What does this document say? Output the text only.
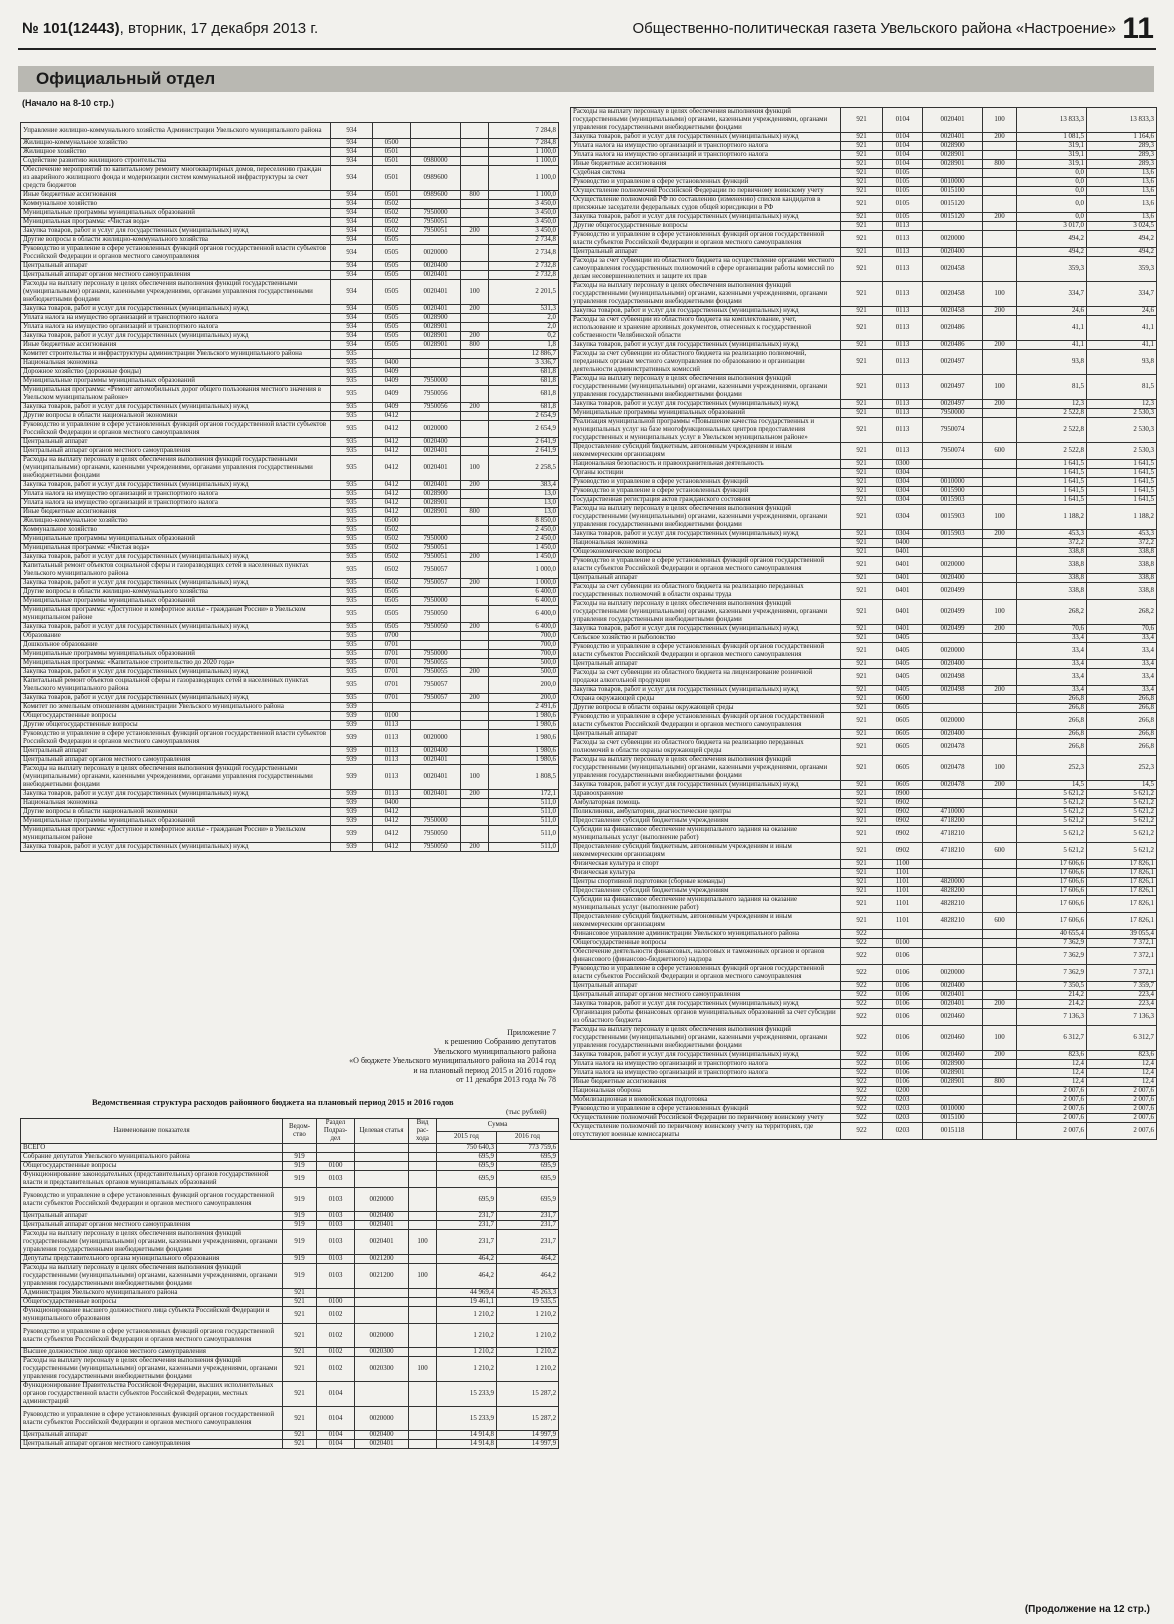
№ 101(12443), вторник, 17 декабря 2013 г.	Общественно-политическая газета Увельского района «Настроение» 11
Официальный отдел
(Начало на 8-10 стр.)
Управление жилищно-коммунального хозяйства Администрации Увельского муниципального района	934				7 284,8
Жилищно-коммунальное хозяйство	934	0500			7 284,8
Жилищное хозяйство	934	0501			1 100,0
Содействие развитию жилищного строительства	934	0501	0980000		1 100,0
Обеспечение мероприятий по капитальному ремонту многоквартирных домов, переселению граждан из аварийного жилищного фонда и модернизации систем коммунальной инфраструктуры за счет средств бюджетов	934	0501	0989600		1 100,0
Иные бюджетные ассигнования	934	0501	0989600	800	1 100,0
Коммунальное хозяйство	934	0502			3 450,0
Муниципальные программы муниципальных образований	934	0502	7950000		3 450,0
Муниципальная программа: «Чистая вода»	934	0502	7950051		3 450,0
Закупка товаров, работ и услуг для государственных (муниципальных) нужд	934	0502	7950051	200	3 450,0
Другие вопросы в области жилищно-коммунального хозяйства	934	0505			2 734,8
Руководство и управление в сфере установленных функций органов государственной власти субъектов Российской Федерации и органов местного самоуправления	934	0505	0020000		2 734,8
Центральный аппарат	934	0505	0020400		2 732,8
Центральный аппарат органов местного самоуправления	934	0505	0020401		2 732,8
Расходы на выплату персоналу в целях обеспечения выполнения функций государственными (муниципальными) органами, казенными учреждениями, органами управления государственными внебюджетными фондами	934	0505	0020401	100	2 201,5
Закупка товаров, работ и услуг для государственных (муниципальных) нужд	934	0505	0020401	200	531,3
Уплата налога на имущество организаций и транспортного налога	934	0505	0028900		2,0
Уплата налога на имущество организаций и транспортного налога	934	0505	0028901		2,0
Закупка товаров, работ и услуг для государственных (муниципальных) нужд	934	0505	0028901	200	0,2
Иные бюджетные ассигнования	934	0505	0028901	800	1,8
Комитет строительства и инфраструктуры администрации Увельского муниципального района	935				12 886,7
Национальная экономика	935	0400			3 336,7
Дорожное хозяйство (дорожные фонды)	935	0409			681,8
Муниципальные программы муниципальных образований	935	0409	7950000		681,8
Муниципальная программа: «Ремонт автомобильных дорог общего пользования местного значения в Увельском муниципальном районе»	935	0409	7950056		681,8
Закупка товаров, работ и услуг для государственных (муниципальных) нужд	935	0409	7950056	200	681,8
Другие вопросы в области национальной экономики	935	0412			2 654,9
Руководство и управление в сфере установленных функций органов государственной власти субъектов Российской Федерации и органов местного самоуправления	935	0412	0020000		2 654,9
Центральный аппарат	935	0412	0020400		2 641,9
Центральный аппарат органов местного самоуправления	935	0412	0020401		2 641,9
Расходы на выплату персоналу в целях обеспечения выполнения функций государственными (муниципальными) органами, казенными учреждениями, органами управления государственными внебюджетными фондами	935	0412	0020401	100	2 258,5
Закупка товаров, работ и услуг для государственных (муниципальных) нужд	935	0412	0020401	200	383,4
Уплата налога на имущество организаций и транспортного налога	935	0412	0028900		13,0
Уплата налога на имущество организаций и транспортного налога	935	0412	0028901		13,0
Иные бюджетные ассигнования	935	0412	0028901	800	13,0
Жилищно-коммунальное хозяйство	935	0500			8 850,0
Коммунальное хозяйство	935	0502			2 450,0
Муниципальные программы муниципальных образований	935	0502	7950000		2 450,0
Муниципальная программа: «Чистая вода»	935	0502	7950051		1 450,0
Закупка товаров, работ и услуг для государственных (муниципальных) нужд	935	0502	7950051	200	1 450,0
Капитальный ремонт объектов социальной сферы и газоразводящих сетей в населенных пунктах Увельского муниципального района	935	0502	7950057		1 000,0
Закупка товаров, работ и услуг для государственных (муниципальных) нужд	935	0502	7950057	200	1 000,0
Другие вопросы в области жилищно-коммунального хозяйства	935	0505			6 400,0
Муниципальные программы муниципальных образований	935	0505	7950000		6 400,0
Муниципальная программа: «Доступное и комфортное жилье - гражданам России» в Увельском муниципальном районе	935	0505	7950050		6 400,0
Закупка товаров, работ и услуг для государственных (муниципальных) нужд	935	0505	7950050	200	6 400,0
Образование	935	0700			700,0
Дошкольное образование	935	0701			700,0
Муниципальные программы муниципальных образований	935	0701	7950000		700,0
Муниципальная программа: «Капитальное строительство до 2020 года»	935	0701	7950055		500,0
Закупка товаров, работ и услуг для государственных (муниципальных) нужд	935	0701	7950055	200	500,0
Капитальный ремонт объектов социальной сферы и газоразводящих сетей в населенных пунктах Увельского муниципального района	935	0701	7950057		200,0
Закупка товаров, работ и услуг для государственных (муниципальных) нужд	935	0701	7950057	200	200,0
Комитет по земельным отношениям администрации Увельского муниципального района	939				2 491,6
Общегосударственные вопросы	939	0100			1 980,6
Другие общегосударственные вопросы	939	0113			1 980,6
Руководство и управление в сфере установленных функций органов государственной власти субъектов Российской Федерации и органов местного самоуправления	939	0113	0020000		1 980,6
Центральный аппарат	939	0113	0020400		1 980,6
Центральный аппарат органов местного самоуправления	939	0113	0020401		1 980,6
Расходы на выплату персоналу в целях обеспечения выполнения функций государственными (муниципальными) органами, казенными учреждениями, органами управления государственными внебюджетными фондами	939	0113	0020401	100	1 808,5
Закупка товаров, работ и услуг для государственных (муниципальных) нужд	939	0113	0020401	200	172,1
Национальная экономика	939	0400			511,0
Другие вопросы в области национальной экономики	939	0412			511,0
Муниципальные программы муниципальных образований	939	0412	7950000		511,0
Муниципальная программа: «Доступное и комфортное жилье - гражданам России» в Увельском муниципальном районе	939	0412	7950050		511,0
Закупка товаров, работ и услуг для государственных (муниципальных) нужд	939	0412	7950050	200	511,0
Приложение 7
к решению Собранию депутатов
Увельского муниципального района
«О бюджете Увельского муниципального района на 2014 год
и на плановый период 2015 и 2016 годов»
от 11 декабря 2013 года № 78
Ведомственная структура расходов районного бюджета на плановый период 2015 и 2016 годов
(тыс рублей)
Наименование показателя	Ведом-ство	Раздел Подраз-дел	Целевая статья	Вид рас-хода	Сумма	
					2015 год	2016 год
ВСЕГО					750 640,3	773 759,6
Собрание депутатов Увельского муниципального района	919				695,9	695,9
Общегосударственные вопросы	919	0100			695,9	695,9
Функционирование законодательных (представительных) органов государственной власти и представительных органов муниципальных образований	919	0103			695,9	695,9
Руководство и управление в сфере установленных функций органов государственной власти субъектов Российской Федерации и органов местного самоуправления	919	0103	0020000		695,9	695,9
Центральный аппарат	919	0103	0020400		231,7	231,7
Центральный аппарат органов местного самоуправления	919	0103	0020401		231,7	231,7
Расходы на выплату персоналу в целях обеспечения выполнения функций государственными (муниципальными) органами, казенными учреждениями, органами управления государственными внебюджетными фондами	919	0103	0020401	100	231,7	231,7
Депутаты представительного органа муниципального образования	919	0103	0021200		464,2	464,2
Расходы на выплату персоналу в целях обеспечения выполнения функций государственными (муниципальными) органами, казенными учреждениями, органами управления государственными внебюджетными фондами	919	0103	0021200	100	464,2	464,2
Администрация Увельского муниципального района	921				44 969,4	45 263,3
Общегосударственные вопросы	921	0100			19 461,1	19 535,5
Функционирование высшего должностного лица субъекта Российской Федерации и муниципального образования	921	0102			1 210,2	1 210,2
Руководство и управление в сфере установленных функций органов государственной власти субъектов Российской Федерации и органов местного самоуправления	921	0102	0020000		1 210,2	1 210,2
Высшее должностное лицо органов местного самоуправления	921	0102	0020300		1 210,2	1 210,2
Расходы на выплату персоналу в целях обеспечения выполнения функций государственными (муниципальными) органами, казенными учреждениями, органами управления государственными внебюджетными фондами	921	0102	0020300	100	1 210,2	1 210,2
Функционирование Правительства Российской Федерации, высших исполнительных органов государственной власти субъектов Российской Федерации, местных администраций	921	0104			15 233,9	15 287,2
Руководство и управление в сфере установленных функций органов государственной власти субъектов Российской Федерации и органов местного самоуправления	921	0104	0020000		15 233,9	15 287,2
Центральный аппарат	921	0104	0020400		14 914,8	14 997,9
Центральный аппарат органов местного самоуправления	921	0104	0020401		14 914,8	14 997,9
Расходы на выплату персоналу в целях обеспечения выполнения функций государственными (муниципальными) органами, казенными учреждениями, органами управления государственными внебюджетными фондами	921	0104	0020401	100	13 833,3	13 833,3
Закупка товаров, работ и услуг для государственных (муниципальных) нужд	921	0104	0020401	200	1 081,5	1 164,6
Уплата налога на имущество организаций и транспортного налога	921	0104	0028900		319,1	289,3
Уплата налога на имущество организаций и транспортного налога	921	0104	0028901		319,1	289,3
Иные бюджетные ассигнования	921	0104	0028901	800	319,1	289,3
Судебная система	921	0105			0,0	13,6
Руководство и управление в сфере установленных функций	921	0105	0010000		0,0	13,6
Осуществление полномочий Российской Федерации по первичному воинскому учету	921	0105	0015100		0,0	13,6
Осуществление полномочий РФ по составлению (изменению) списков кандидатов в присяжные заседатели федеральных судов общей юрисдикции в РФ	921	0105	0015120		0,0	13,6
Закупка товаров, работ и услуг для государственных (муниципальных) нужд	921	0105	0015120	200	0,0	13,6
Другие общегосударственные вопросы	921	0113			3 017,0	3 024,5
Руководство и управление в сфере установленных функций органов государственной власти субъектов Российской Федерации и органов местного самоуправления	921	0113	0020000		494,2	494,2
Центральный аппарат	921	0113	0020400		494,2	494,2
Расходы за счет субвенции из областного бюджета на осуществление органами местного самоуправления государственных полномочий в сфере организации работы комиссий по делам несовершеннолетних и защите их прав	921	0113	0020458		359,3	359,3
Расходы на выплату персоналу в целях обеспечения выполнения функций государственными (муниципальными) органами, казенными учреждениями, органами управления государственными внебюджетными фондами	921	0113	0020458	100	334,7	334,7
Закупка товаров, работ и услуг для государственных (муниципальных) нужд	921	0113	0020458	200	24,6	24,6
Расходы за счет субвенции из областного бюджета на комплектование, учет, использование и хранение архивных документов, отнесенных к государственной собственности Челябинской области	921	0113	0020486		41,1	41,1
Закупка товаров, работ и услуг для государственных (муниципальных) нужд	921	0113	0020486	200	41,1	41,1
Расходы за счет субвенции из областного бюджета на реализацию полномочий, переданных органам местного самоуправления по образованию и организации деятельности административных комиссий	921	0113	0020497		93,8	93,8
Расходы на выплату персоналу в целях обеспечения выполнения функций государственными (муниципальными) органами, казенными учреждениями, органами управления государственными внебюджетными фондами	921	0113	0020497	100	81,5	81,5
Закупка товаров, работ и услуг для государственных (муниципальных) нужд	921	0113	0020497	200	12,3	12,3
Муниципальные программы муниципальных образований	921	0113	7950000		2 522,8	2 530,3
Реализация муниципальной программы «Повышение качества государственных и муниципальных услуг на базе многофункциональных центров предоставления государственных и муниципальных услуг в Увельском муниципальном районе»	921	0113	7950074		2 522,8	2 530,3
Предоставление субсидий бюджетным, автономным учреждениям и иным некоммерческим организациям	921	0113	7950074	600	2 522,8	2 530,3
Национальная безопасность и правоохранительная деятельность	921	0300			1 641,5	1 641,5
Органы юстиции	921	0304			1 641,5	1 641,5
Руководство и управление в сфере установленных функций	921	0304	0010000		1 641,5	1 641,5
Руководство и управление в сфере установленных функций	921	0304	0015900		1 641,5	1 641,5
Государственная регистрация актов гражданского состояния	921	0304	0015903		1 641,5	1 641,5
Расходы на выплату персоналу в целях обеспечения выполнения функций государственными (муниципальными) органами, казенными учреждениями, органами управления государственными внебюджетными фондами	921	0304	0015903	100	1 188,2	1 188,2
Закупка товаров, работ и услуг для государственных (муниципальных) нужд	921	0304	0015903	200	453,3	453,3
Национальная экономика	921	0400			372,2	372,2
Общеэкономические вопросы	921	0401			338,8	338,8
Руководство и управление в сфере установленных функций органов государственной власти субъектов Российской Федерации и органов местного самоуправления	921	0401	0020000		338,8	338,8
Центральный аппарат	921	0401	0020400		338,8	338,8
Расходы за счет субвенции из областного бюджета на реализацию переданных государственных полномочий в области охраны труда	921	0401	0020499		338,8	338,8
Расходы на выплату персоналу в целях обеспечения выполнения функций государственными (муниципальными) органами, казенными учреждениями, органами управления государственными внебюджетными фондами	921	0401	0020499	100	268,2	268,2
Закупка товаров, работ и услуг для государственных (муниципальных) нужд	921	0401	0020499	200	70,6	70,6
Сельское хозяйство и рыболовство	921	0405			33,4	33,4
Руководство и управление в сфере установленных функций органов государственной власти субъектов Российской Федерации и органов местного самоуправления	921	0405	0020000		33,4	33,4
Центральный аппарат	921	0405	0020400		33,4	33,4
Расходы за счет субвенции из областного бюджета на лицензирование розничной продажи алкогольной продукции	921	0405	0020498		33,4	33,4
Закупка товаров, работ и услуг для государственных (муниципальных) нужд	921	0405	0020498	200	33,4	33,4
Охрана окружающей среды	921	0600			266,8	266,8
Другие вопросы в области охраны окружающей среды	921	0605			266,8	266,8
Руководство и управление в сфере установленных функций органов государственной власти субъектов Российской Федерации и органов местного самоуправления	921	0605	0020000		266,8	266,8
Центральный аппарат	921	0605	0020400		266,8	266,8
Расходы за счет субвенции из областного бюджета на реализацию переданных полномочий в области охраны окружающей среды	921	0605	0020478		266,8	266,8
Расходы на выплату персоналу в целях обеспечения выполнения функций государственными (муниципальными) органами, казенными учреждениями, органами управления государственными внебюджетными фондами	921	0605	0020478	100	252,3	252,3
Закупка товаров, работ и услуг для государственных (муниципальных) нужд	921	0605	0020478	200	14,5	14,5
Здравоохранение	921	0900			5 621,2	5 621,2
Амбулаторная помощь	921	0902			5 621,2	5 621,2
Поликлиники, амбулатории, диагностические центры	921	0902	4710000		5 621,2	5 621,2
Предоставление субсидий бюджетным учреждениям	921	0902	4718200		5 621,2	5 621,2
Субсидии на финансовое обеспечение муниципального задания на оказание муниципальных услуг (выполнение работ)	921	0902	4718210		5 621,2	5 621,2
Предоставление субсидий бюджетным, автономным учреждениям и иным некоммерческим организациям	921	0902	4718210	600	5 621,2	5 621,2
Физическая культура и спорт	921	1100			17 606,6	17 826,1
Физическая культура	921	1101			17 606,6	17 826,1
Центры спортивной подготовки (сборные команды)	921	1101	4820000		17 606,6	17 826,1
Предоставление субсидий бюджетным учреждениям	921	1101	4828200		17 606,6	17 826,1
Субсидии на финансовое обеспечение муниципального задания на оказание муниципальных услуг (выполнение работ)	921	1101	4828210		17 606,6	17 826,1
Предоставление субсидий бюджетным, автономным учреждениям и иным некоммерческим организациям	921	1101	4828210	600	17 606,6	17 826,1
Финансовое управление администрации Увельского муниципального района	922				40 655,4	39 055,4
Общегосударственные вопросы	922	0100			7 362,9	7 372,1
Обеспечение деятельности финансовых, налоговых и таможенных органов и органов финансового (финансово-бюджетного) надзора	922	0106			7 362,9	7 372,1
Руководство и управление в сфере установленных функций органов государственной власти субъектов Российской Федерации и органов местного самоуправления	922	0106	0020000		7 362,9	7 372,1
Центральный аппарат	922	0106	0020400		7 350,5	7 359,7
Центральный аппарат органов местного самоуправления	922	0106	0020401		214,2	223,4
Закупка товаров, работ и услуг для государственных (муниципальных) нужд	922	0106	0020401	200	214,2	223,4
Организация работы финансовых органов муниципальных образований за счет субсидии из областного бюджета	922	0106	0020460		7 136,3	7 136,3
Расходы на выплату персоналу в целях обеспечения выполнения функций государственными (муниципальными) органами, казенными учреждениями, органами управления государственными внебюджетными фондами	922	0106	0020460	100	6 312,7	6 312,7
Закупка товаров, работ и услуг для государственных (муниципальных) нужд	922	0106	0020460	200	823,6	823,6
Уплата налога на имущество организаций и транспортного налога	922	0106	0028900		12,4	12,4
Уплата налога на имущество организаций и транспортного налога	922	0106	0028901		12,4	12,4
Иные бюджетные ассигнования	922	0106	0028901	800	12,4	12,4
Национальная оборона	922	0200			2 007,6	2 007,6
Мобилизационная и вневойсковая подготовка	922	0203			2 007,6	2 007,6
Руководство и управление в сфере установленных функций	922	0203	0010000		2 007,6	2 007,6
Осуществление полномочий Российской Федерации по первичному воинскому учету	922	0203	0015100		2 007,6	2 007,6
Осуществление полномочий по первичному воинскому учету на территориях, где отсутствуют военные комиссариаты	922	0203	0015118		2 007,6	2 007,6
(Продолжение на 12 стр.)
